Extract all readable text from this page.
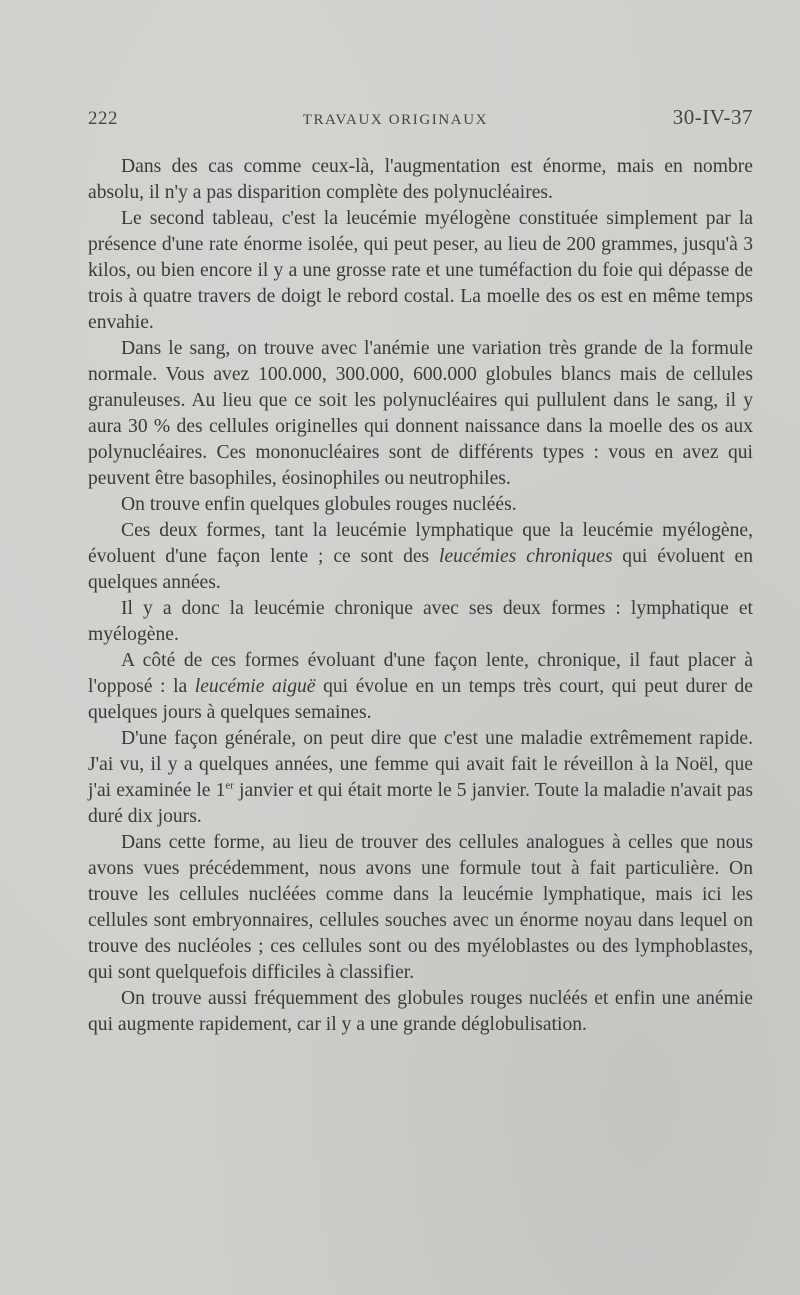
222	TRAVAUX ORIGINAUX	30-IV-37

Dans des cas comme ceux-là, l'augmentation est énorme, mais en nombre absolu, il n'y a pas disparition complète des polynucléaires.

Le second tableau, c'est la leucémie myélogène constituée simplement par la présence d'une rate énorme isolée, qui peut peser, au lieu de 200 grammes, jusqu'à 3 kilos, ou bien encore il y a une grosse rate et une tuméfaction du foie qui dépasse de trois à quatre travers de doigt le rebord costal. La moelle des os est en même temps envahie.

Dans le sang, on trouve avec l'anémie une variation très grande de la formule normale. Vous avez 100.000, 300.000, 600.000 globules blancs mais de cellules granuleuses. Au lieu que ce soit les polynucléaires qui pullulent dans le sang, il y aura 30 % des cellules originelles qui donnent naissance dans la moelle des os aux polynucléaires. Ces mononucléaires sont de différents types : vous en avez qui peuvent être basophiles, éosinophiles ou neutrophiles.

On trouve enfin quelques globules rouges nucléés.

Ces deux formes, tant la leucémie lymphatique que la leucémie myélogène, évoluent d'une façon lente ; ce sont des leucémies chroniques qui évoluent en quelques années.

Il y a donc la leucémie chronique avec ses deux formes : lymphatique et myélogène.

A côté de ces formes évoluant d'une façon lente, chronique, il faut placer à l'opposé : la leucémie aiguë qui évolue en un temps très court, qui peut durer de quelques jours à quelques semaines.

D'une façon générale, on peut dire que c'est une maladie extrêmement rapide. J'ai vu, il y a quelques années, une femme qui avait fait le réveillon à la Noël, que j'ai examinée le 1er janvier et qui était morte le 5 janvier. Toute la maladie n'avait pas duré dix jours.

Dans cette forme, au lieu de trouver des cellules analogues à celles que nous avons vues précédemment, nous avons une formule tout à fait particulière. On trouve les cellules nucléées comme dans la leucémie lymphatique, mais ici les cellules sont embryonnaires, cellules souches avec un énorme noyau dans lequel on trouve des nucléoles ; ces cellules sont ou des myéloblastes ou des lymphoblastes, qui sont quelquefois difficiles à classifier.

On trouve aussi fréquemment des globules rouges nucléés et enfin une anémie qui augmente rapidement, car il y a une grande déglobulisation.
